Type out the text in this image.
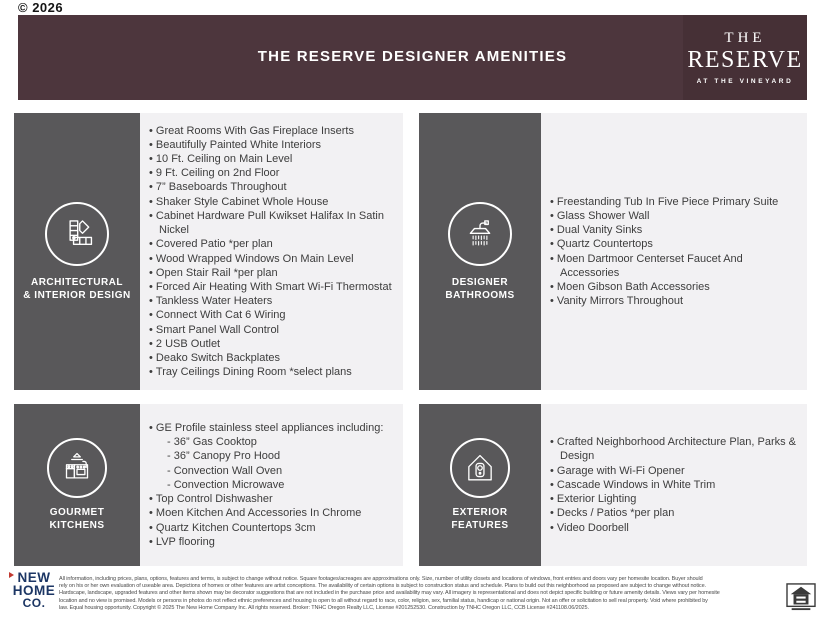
© 2026
THE RESERVE DESIGNER AMENITIES
THE
RESERVE
AT THE VINEYARD
ARCHITECTURAL
& INTERIOR DESIGN
• Great Rooms With Gas Fireplace Inserts
• Beautifully Painted White Interiors
• 10 Ft. Ceiling on Main Level
• 9 Ft. Ceiling on 2nd Floor
• 7” Baseboards Throughout
• Shaker Style Cabinet Whole House
• Cabinet Hardware Pull Kwikset Halifax In Satin Nickel
• Covered Patio *per plan
• Wood Wrapped Windows On Main Level
• Open Stair Rail *per plan
• Forced Air Heating With Smart Wi-Fi Thermostat
• Tankless Water Heaters
• Connect With Cat 6 Wiring
• Smart Panel Wall Control
• 2 USB Outlet
• Deako Switch Backplates
• Tray Ceilings Dining Room *select plans
DESIGNER
BATHROOMS
• Freestanding Tub In Five Piece Primary Suite
• Glass Shower Wall
• Dual Vanity Sinks
• Quartz Countertops
• Moen Dartmoor Centerset Faucet And Accessories
• Moen Gibson Bath Accessories
• Vanity Mirrors Throughout
GOURMET
KITCHENS
• GE Profile stainless steel appliances including:
- 36” Gas Cooktop
- 36” Canopy Pro Hood
- Convection Wall Oven
- Convection Microwave
• Top Control Dishwasher
• Moen Kitchen And Accessories In Chrome
• Quartz Kitchen Countertops 3cm
• LVP flooring
EXTERIOR FEATURES
• Crafted Neighborhood Architecture Plan, Parks & Design
• Garage with Wi-Fi Opener
• Cascade Windows in White Trim
• Exterior Lighting
• Decks / Patios *per plan
• Video Doorbell
NEW
HOME
CO.
All information, including prices, plans, options, features and terms, is subject to change without notice. Square footages/acreages are approximations only. Size, number of utility closets and locations of windows, front entries and doors vary per homesite location. Buyer should
rely on his or her own evaluation of useable area. Depictions of homes or other features are artist conceptions. The availability of certain options is subject to construction status and schedule. Plans to build out this neighborhood as proposed are subject to change without notice.
Hardscape, landscape, upgraded features and other items shown may be decorator suggestions that are not included in the purchase price and availability may vary. All imagery is representational and does not depict specific building or future amenity details. Views vary per homesite
location and no view is promised. Models or persons in photos do not reflect ethnic preferences and housing is open to all without regard to race, color, religion, sex, familial status, handicap or national origin. Not an offer or solicitation to sell real property. Void where prohibited by
law. Equal housing opportunity. Copyright © 2025 The New Home Company Inc. All rights reserved. Broker: TNHC Oregon Realty LLC, License #201252530. Construction by TNHC Oregon LLC, CCB License #241108.06/2025.
